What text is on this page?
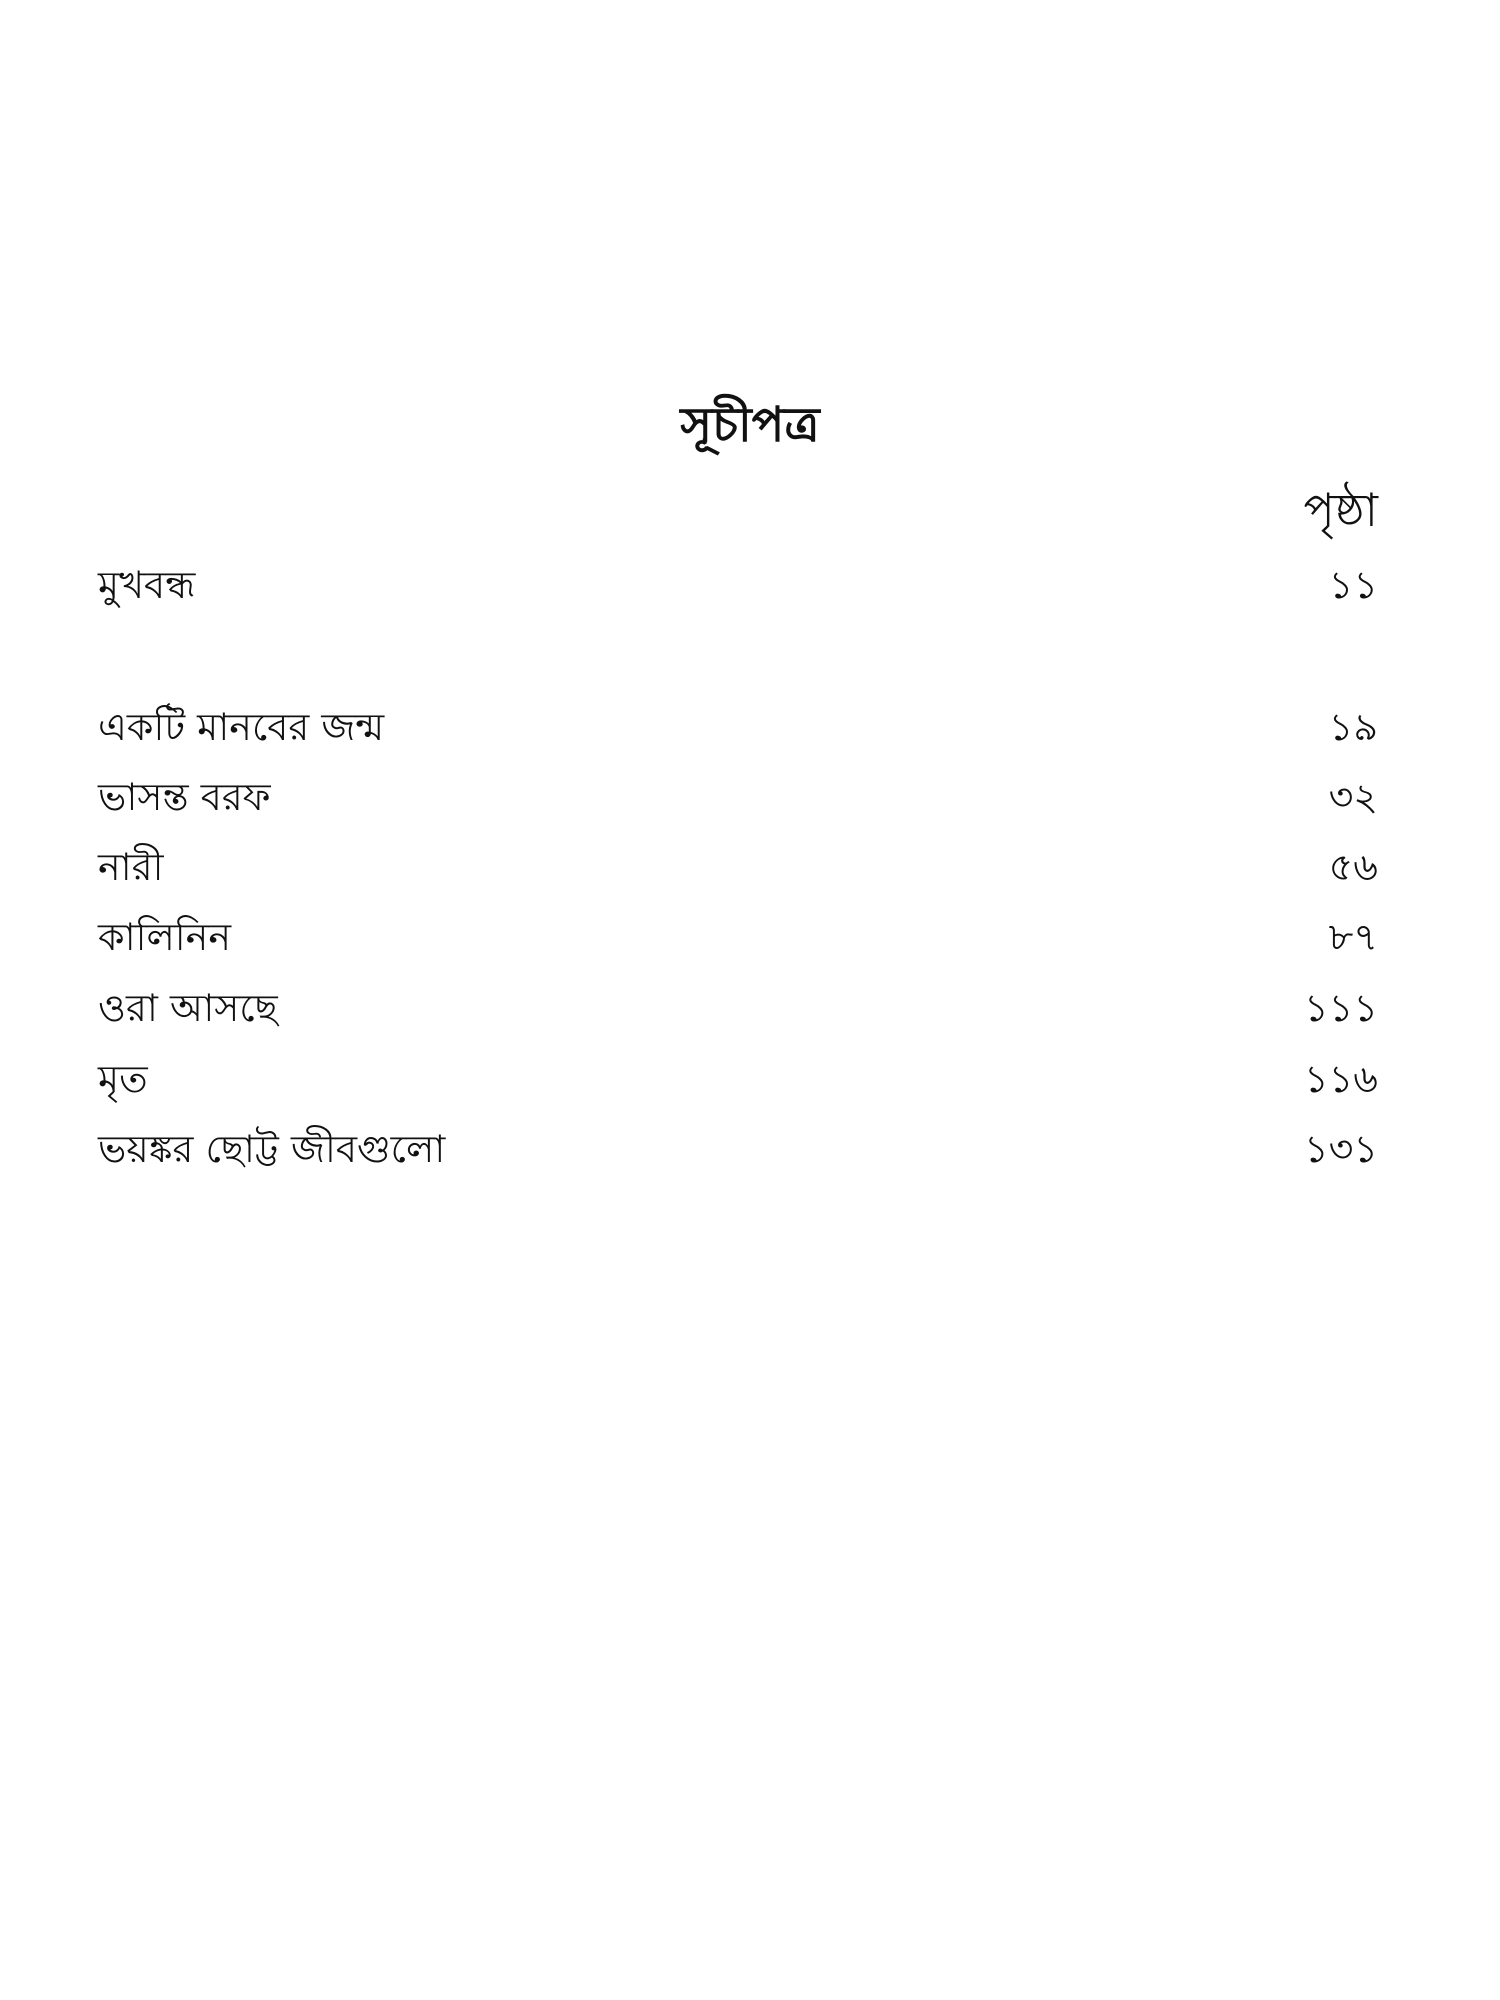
সূচীপত্র
পৃষ্ঠা
মুখবন্ধ	১১
একটি মানবের জন্ম	১৯
ভাসন্ত বরফ	৩২
নারী	৫৬
কালিনিন	৮৭
ওরা আসছে	১১১
মৃত	১১৬
ভয়ঙ্কর ছোট্ট জীবগুলো	১৩১
